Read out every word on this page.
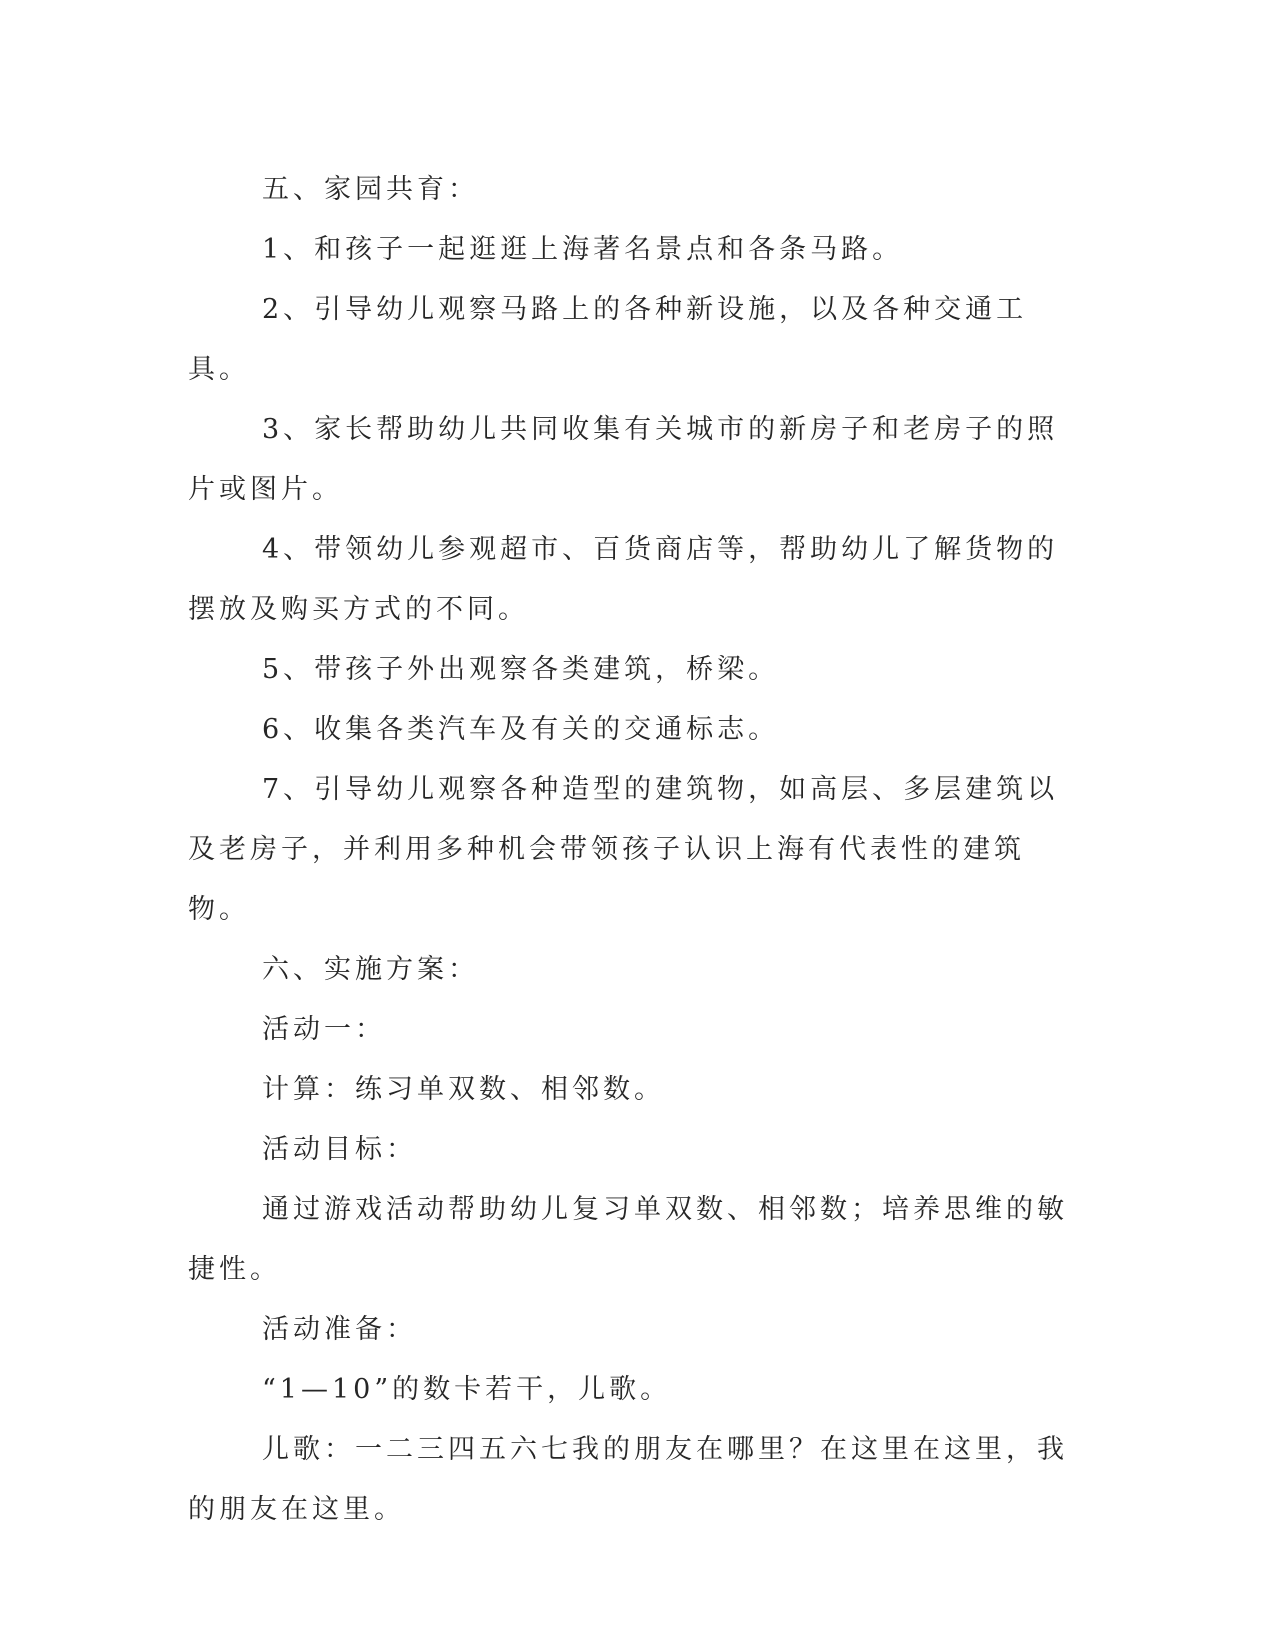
五、家园共育：

1、和孩子一起逛逛上海著名景点和各条马路。

2、引导幼儿观察马路上的各种新设施，以及各种交通工具。

3、家长帮助幼儿共同收集有关城市的新房子和老房子的照片或图片。

4、带领幼儿参观超市、百货商店等，帮助幼儿了解货物的摆放及购买方式的不同。

5、带孩子外出观察各类建筑，桥梁。

6、收集各类汽车及有关的交通标志。

7、引导幼儿观察各种造型的建筑物，如高层、多层建筑以及老房子，并利用多种机会带领孩子认识上海有代表性的建筑物。

六、实施方案：

活动一：

计算：练习单双数、相邻数。

活动目标：

通过游戏活动帮助幼儿复习单双数、相邻数；培养思维的敏捷性。

活动准备：

“1—10”的数卡若干，儿歌。

儿歌：一二三四五六七我的朋友在哪里？在这里在这里，我的朋友在这里。
